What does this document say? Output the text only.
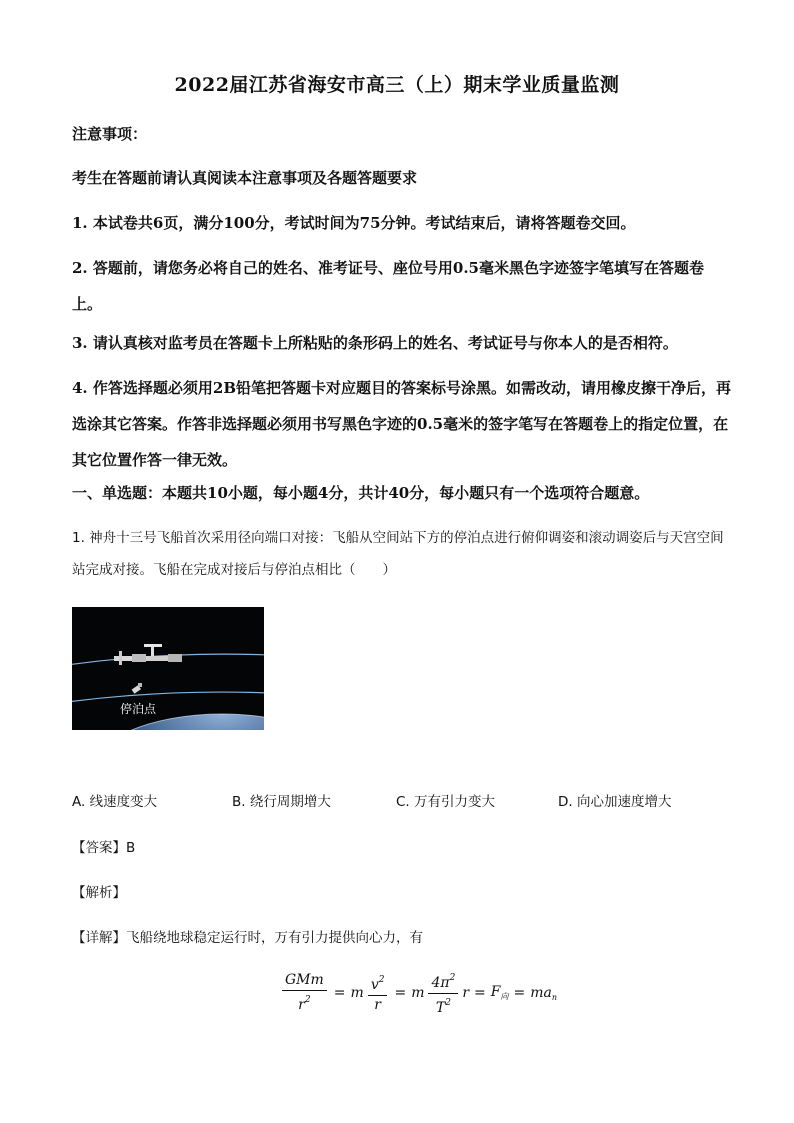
2022届江苏省海安市高三（上）期末学业质量监测
注意事项：
考生在答题前请认真阅读本注意事项及各题答题要求
1. 本试卷共6页，满分100分，考试时间为75分钟。考试结束后，请将答题卷交回。
2. 答题前，请您务必将自己的姓名、准考证号、座位号用0.5毫米黑色字迹签字笔填写在答题卷上。
3. 请认真核对监考员在答题卡上所粘贴的条形码上的姓名、考试证号与你本人的是否相符。
4. 作答选择题必须用2B铅笔把答题卡对应题目的答案标号涂黑。如需改动，请用橡皮擦干净后，再选涂其它答案。作答非选择题必须用书写黑色字迹的0.5毫米的签字笔写在答题卷上的指定位置，在其它位置作答一律无效。
一、单选题：本题共10小题，每小题4分，共计40分，每小题只有一个选项符合题意。
1. 神舟十三号飞船首次采用径向端口对接：飞船从空间站下方的停泊点进行俯仰调姿和滚动调姿后与天宫空间站完成对接。飞船在完成对接后与停泊点相比（　　）
停泊点
A. 线速度变大	B. 绕行周期增大	C. 万有引力变大	D. 向心加速度增大
【答案】B
【解析】
【详解】飞船绕地球稳定运行时，万有引力提供向心力，有
$\frac{\text{GMm}}{r^2} = m \frac{v^2}{r} = m \frac{4\pi^2}{T^2}$ $r = F_向 = ma_n$
